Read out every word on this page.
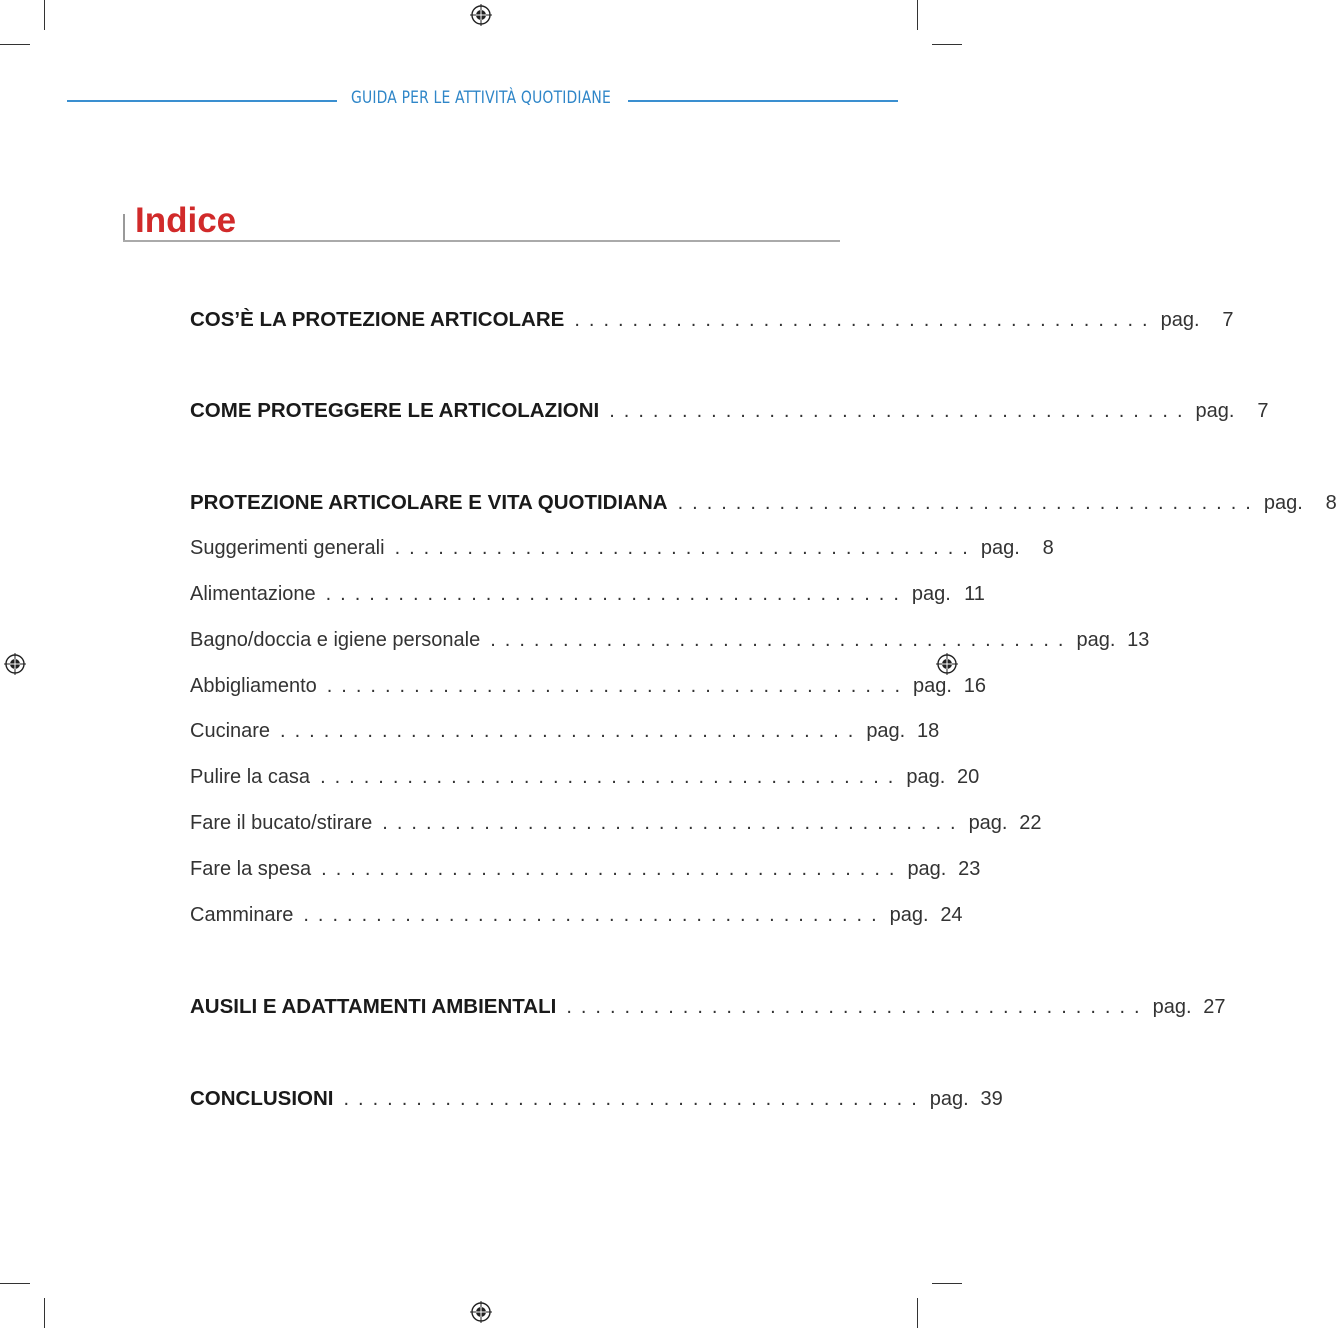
GUIDA PER LE ATTIVITÀ QUOTIDIANE
Indice
COS’È LA PROTEZIONE ARTICOLARE ........................................ pag.	7
COME PROTEGGERE LE ARTICOLAZIONI ........................................ pag.	7
PROTEZIONE ARTICOLARE E VITA QUOTIDIANA ........................................ pag.	8
Suggerimenti generali ........................................ pag.	8
Alimentazione ........................................ pag. 11
Bagno/doccia e igiene personale ........................................ pag. 13
Abbigliamento ........................................ pag. 16
Cucinare ........................................ pag. 18
Pulire la casa ........................................ pag. 20
Fare il bucato/stirare ........................................ pag. 22
Fare la spesa ........................................ pag. 23
Camminare ........................................ pag. 24
AUSILI E ADATTAMENTI AMBIENTALI ........................................ pag. 27
CONCLUSIONI ........................................ pag. 39
